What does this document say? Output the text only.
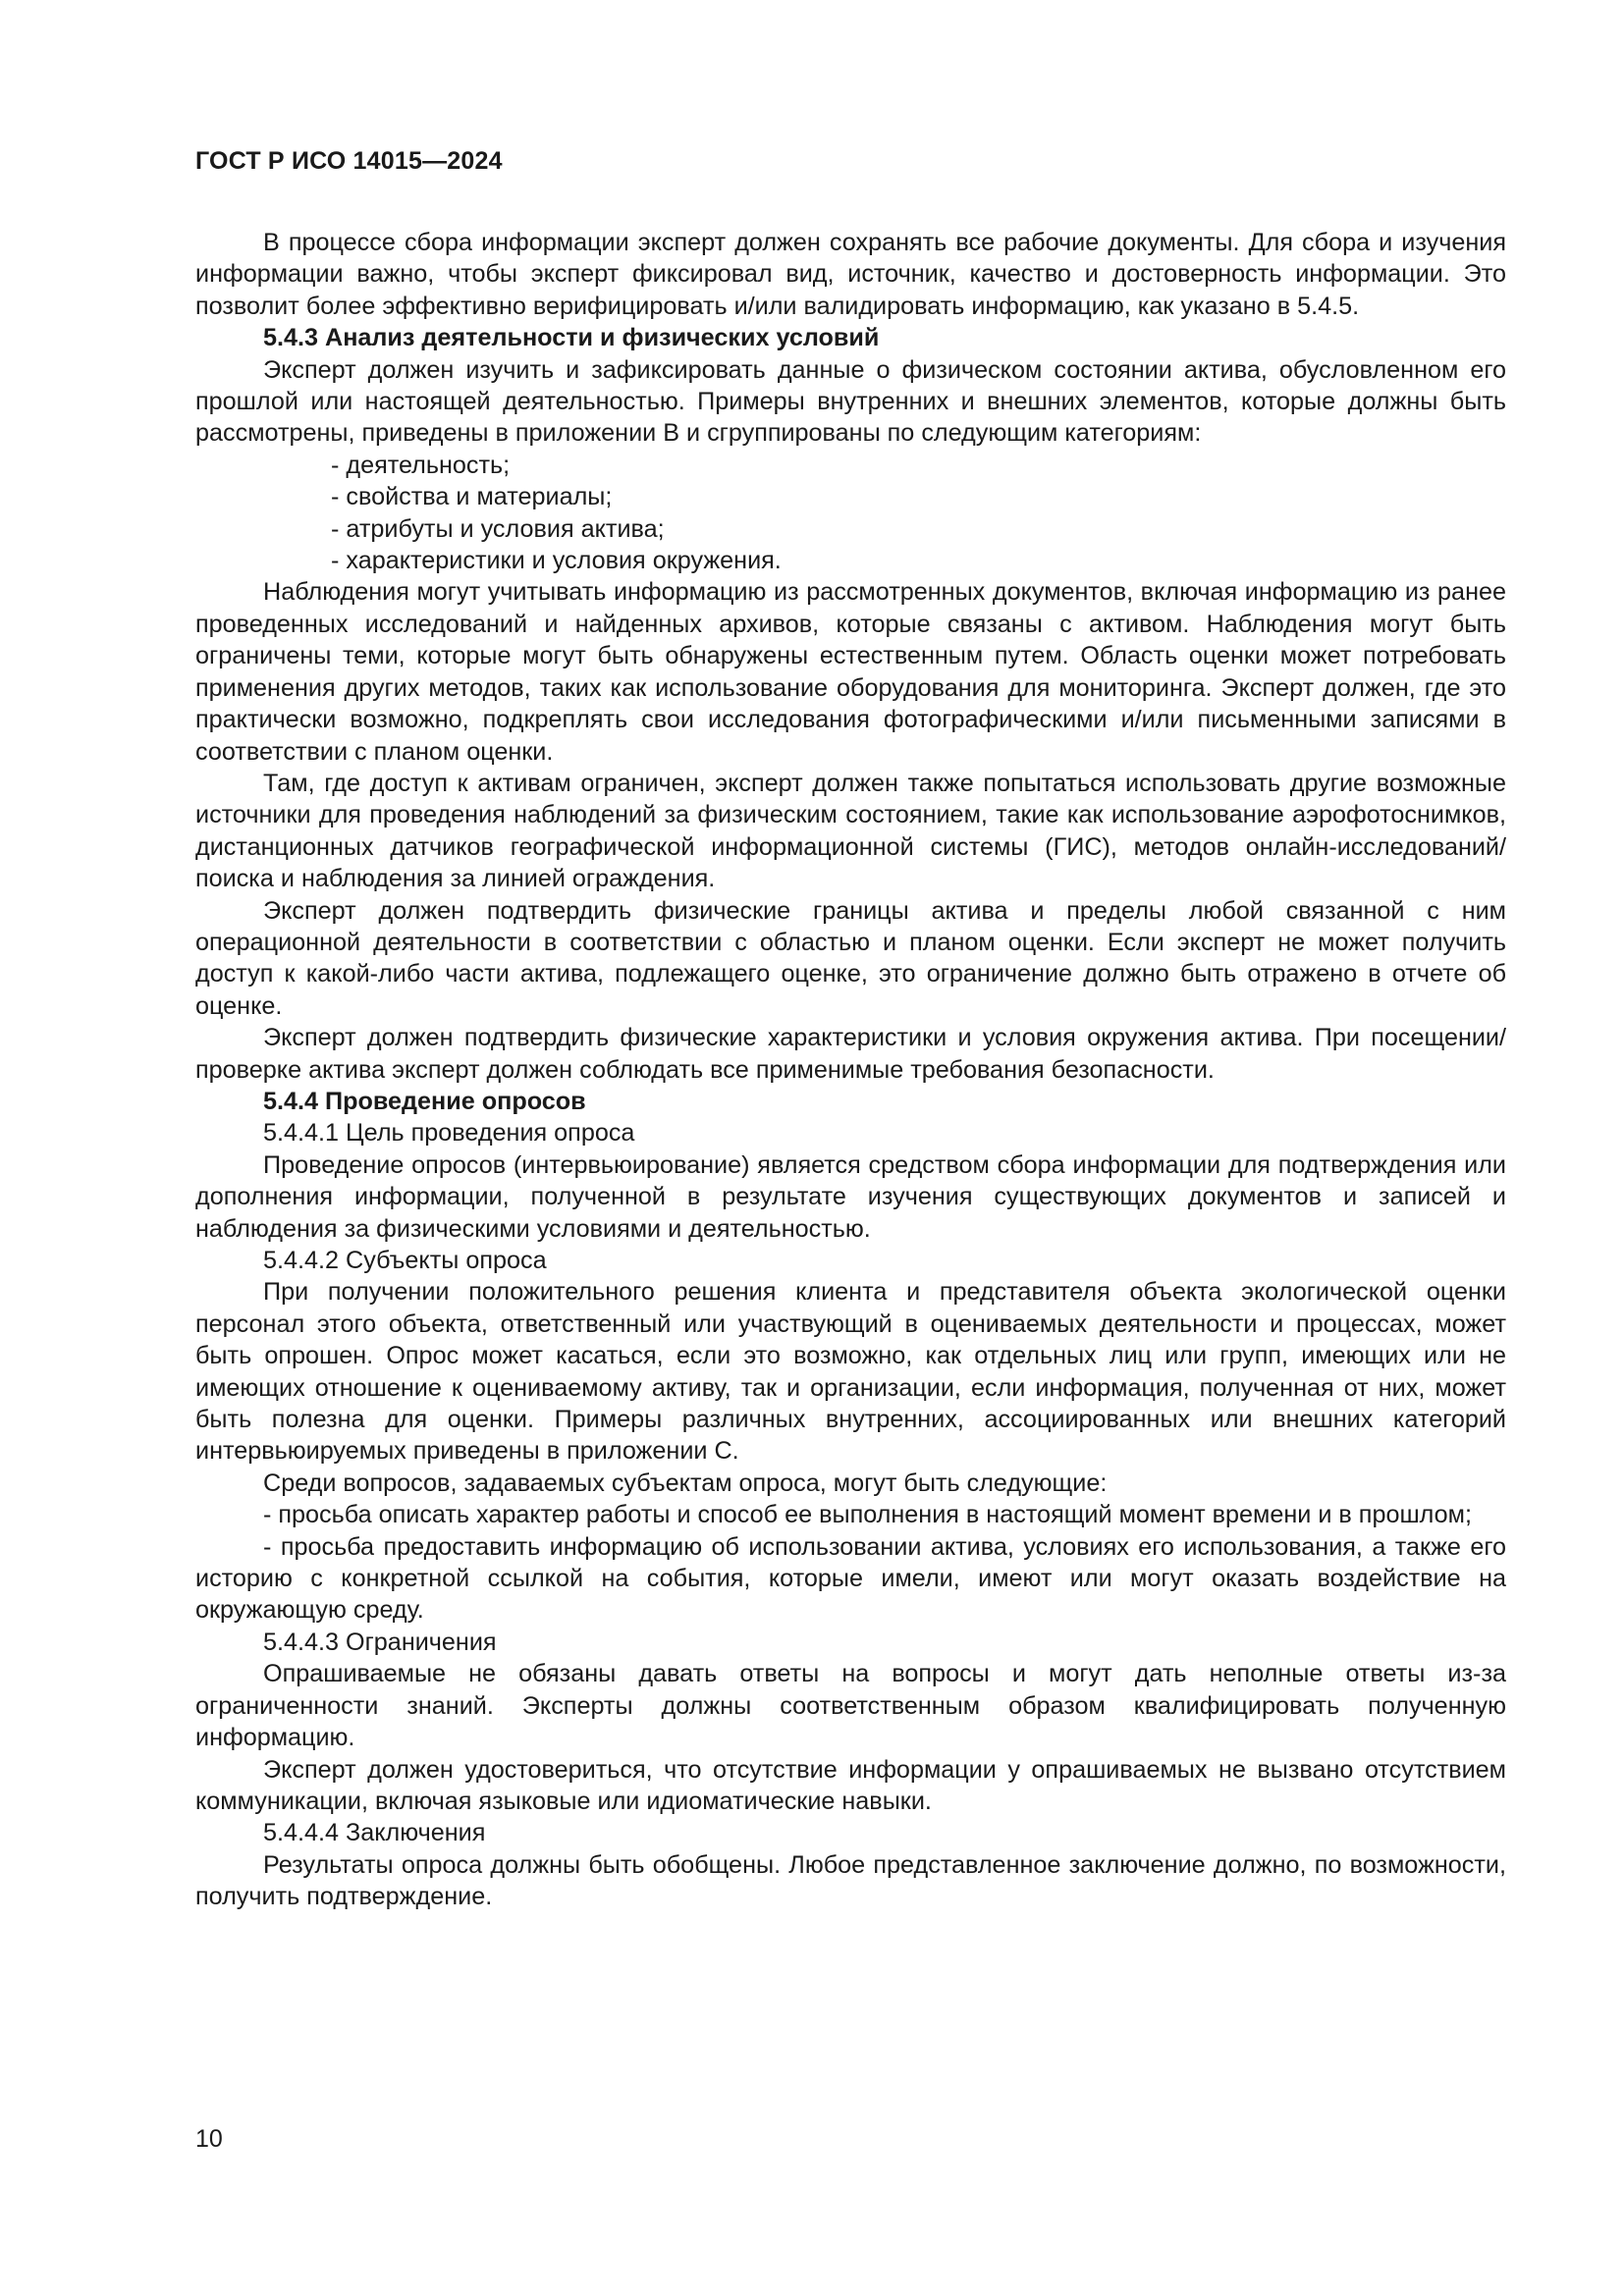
ГОСТ Р ИСО 14015—2024

В процессе сбора информации эксперт должен сохранять все рабочие документы. Для сбора и изучения информации важно, чтобы эксперт фиксировал вид, источник, качество и достоверность информации. Это позволит более эффективно верифицировать и/или валидировать информацию, как указано в 5.4.5.

5.4.3 Анализ деятельности и физических условий

Эксперт должен изучить и зафиксировать данные о физическом состоянии актива, обусловленном его прошлой или настоящей деятельностью. Примеры внутренних и внешних элементов, которые должны быть рассмотрены, приведены в приложении В и сгруппированы по следующим категориям:

- деятельность;

- свойства и материалы;

- атрибуты и условия актива;

- характеристики и условия окружения.

Наблюдения могут учитывать информацию из рассмотренных документов, включая информацию из ранее проведенных исследований и найденных архивов, которые связаны с активом. Наблюдения могут быть ограничены теми, которые могут быть обнаружены естественным путем. Область оценки может потребовать применения других методов, таких как использование оборудования для мониторинга. Эксперт должен, где это практически возможно, подкреплять свои исследования фотографическими и/или письменными записями в соответствии с планом оценки.

Там, где доступ к активам ограничен, эксперт должен также попытаться использовать другие возможные источники для проведения наблюдений за физическим состоянием, такие как использование аэрофотоснимков, дистанционных датчиков географической информационной системы (ГИС), методов онлайн-исследований/поиска и наблюдения за линией ограждения.

Эксперт должен подтвердить физические границы актива и пределы любой связанной с ним операционной деятельности в соответствии с областью и планом оценки. Если эксперт не может получить доступ к какой-либо части актива, подлежащего оценке, это ограничение должно быть отражено в отчете об оценке.

Эксперт должен подтвердить физические характеристики и условия окружения актива. При посещении/проверке актива эксперт должен соблюдать все применимые требования безопасности.

5.4.4 Проведение опросов

5.4.4.1 Цель проведения опроса

Проведение опросов (интервьюирование) является средством сбора информации для подтверждения или дополнения информации, полученной в результате изучения существующих документов и записей и наблюдения за физическими условиями и деятельностью.

5.4.4.2 Субъекты опроса

При получении положительного решения клиента и представителя объекта экологической оценки персонал этого объекта, ответственный или участвующий в оцениваемых деятельности и процессах, может быть опрошен. Опрос может касаться, если это возможно, как отдельных лиц или групп, имеющих или не имеющих отношение к оцениваемому активу, так и организации, если информация, полученная от них, может быть полезна для оценки. Примеры различных внутренних, ассоциированных или внешних категорий интервьюируемых приведены в приложении С.

Среди вопросов, задаваемых субъектам опроса, могут быть следующие:

- просьба описать характер работы и способ ее выполнения в настоящий момент времени и в прошлом;

- просьба предоставить информацию об использовании актива, условиях его использования, а также его историю с конкретной ссылкой на события, которые имели, имеют или могут оказать воздействие на окружающую среду.

5.4.4.3 Ограничения

Опрашиваемые не обязаны давать ответы на вопросы и могут дать неполные ответы из-за ограниченности знаний. Эксперты должны соответственным образом квалифицировать полученную информацию.

Эксперт должен удостовериться, что отсутствие информации у опрашиваемых не вызвано отсутствием коммуникации, включая языковые или идиоматические навыки.

5.4.4.4 Заключения

Результаты опроса должны быть обобщены. Любое представленное заключение должно, по возможности, получить подтверждение.

10
